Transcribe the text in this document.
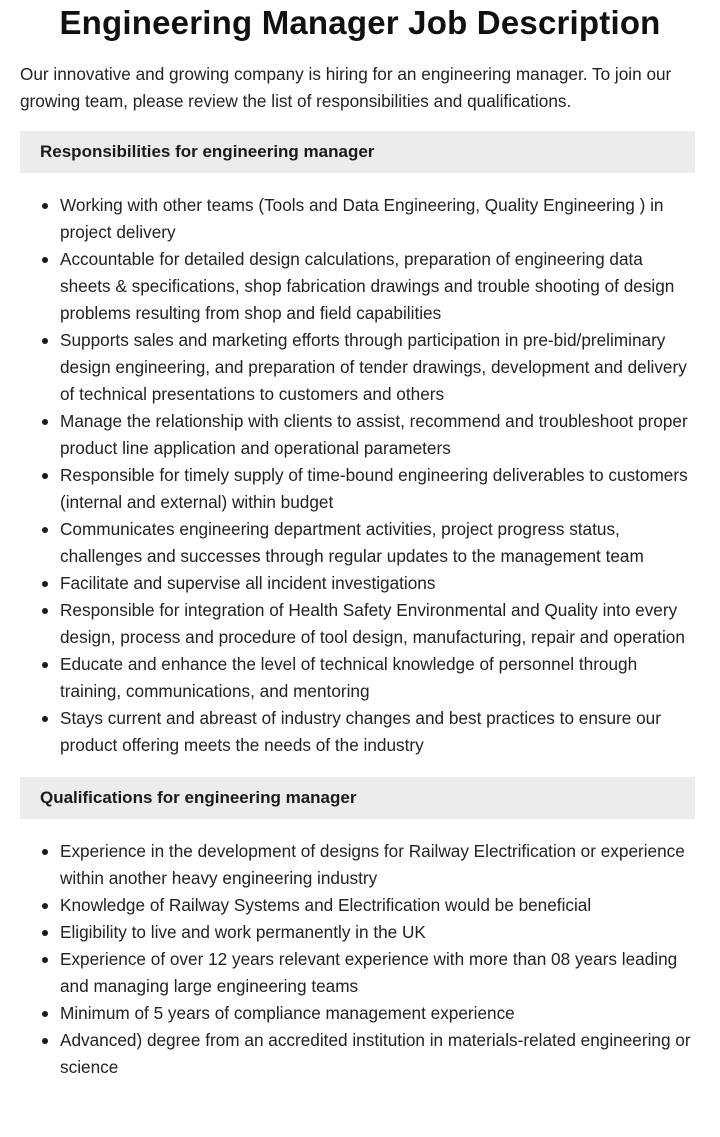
Engineering Manager Job Description

Our innovative and growing company is hiring for an engineering manager. To join our growing team, please review the list of responsibilities and qualifications.

Responsibilities for engineering manager
Working with other teams (Tools and Data Engineering, Quality Engineering ) in project delivery
Accountable for detailed design calculations, preparation of engineering data sheets & specifications, shop fabrication drawings and trouble shooting of design problems resulting from shop and field capabilities
Supports sales and marketing efforts through participation in pre-bid/preliminary design engineering, and preparation of tender drawings, development and delivery of technical presentations to customers and others
Manage the relationship with clients to assist, recommend and troubleshoot proper product line application and operational parameters
Responsible for timely supply of time-bound engineering deliverables to customers (internal and external) within budget
Communicates engineering department activities, project progress status, challenges and successes through regular updates to the management team
Facilitate and supervise all incident investigations
Responsible for integration of Health Safety Environmental and Quality into every design, process and procedure of tool design, manufacturing, repair and operation
Educate and enhance the level of technical knowledge of personnel through training, communications, and mentoring
Stays current and abreast of industry changes and best practices to ensure our product offering meets the needs of the industry
Qualifications for engineering manager
Experience in the development of designs for Railway Electrification or experience within another heavy engineering industry
Knowledge of Railway Systems and Electrification would be beneficial
Eligibility to live and work permanently in the UK
Experience of over 12 years relevant experience with more than 08 years leading and managing large engineering teams
Minimum of 5 years of compliance management experience
Advanced) degree from an accredited institution in materials-related engineering or science
